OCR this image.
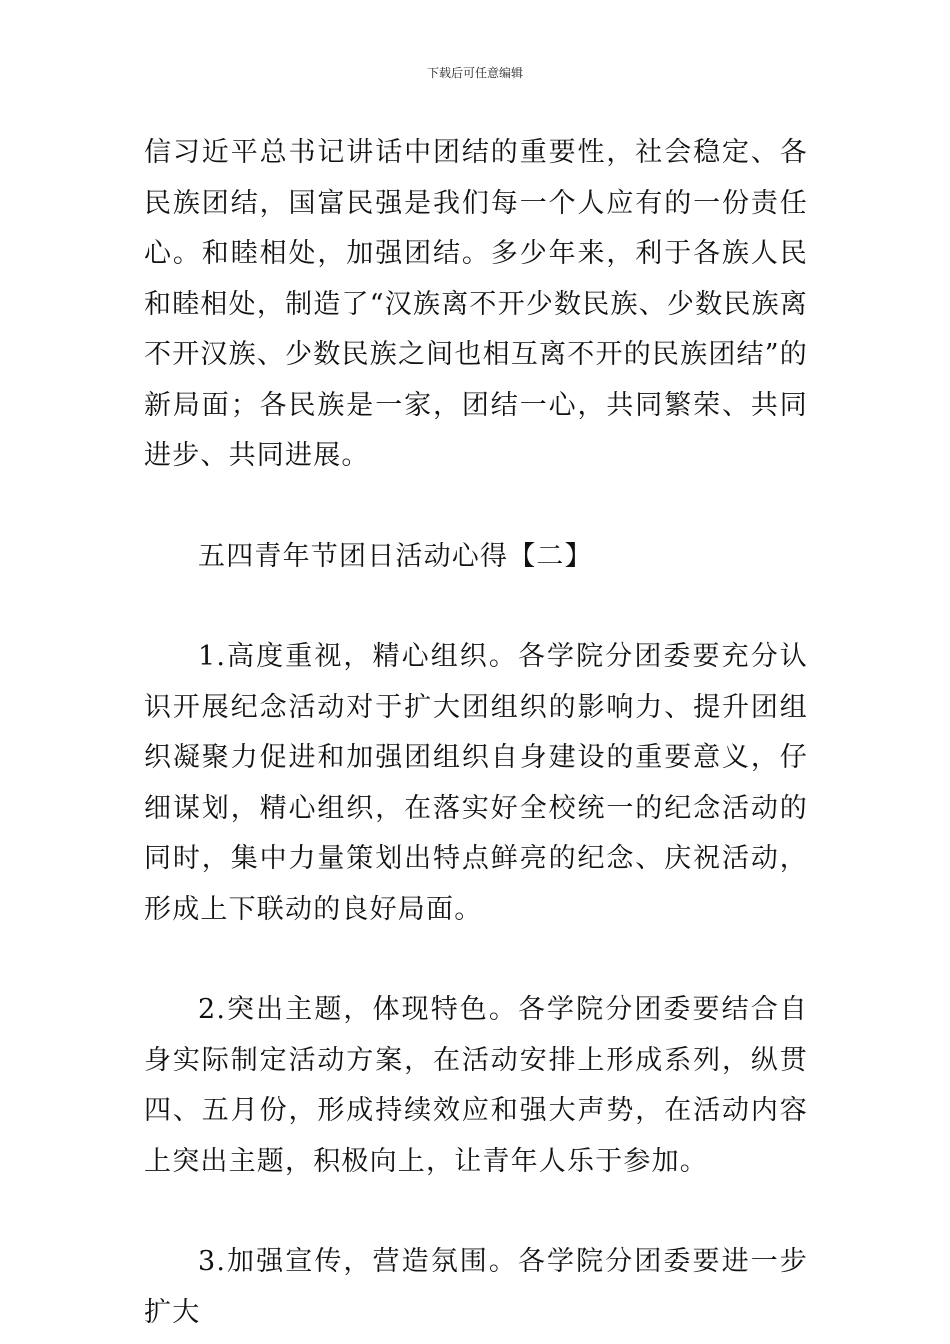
下载后可任意编辑

信习近平总书记讲话中团结的重要性，社会稳定、各民族团结，国富民强是我们每一个人应有的一份责任心。和睦相处，加强团结。多少年来，利于各族人民和睦相处，制造了“汉族离不开少数民族、少数民族离不开汉族、少数民族之间也相互离不开的民族团结”的新局面；各民族是一家，团结一心，共同繁荣、共同进步、共同进展。

五四青年节团日活动心得【二】

1.高度重视，精心组织。各学院分团委要充分认识开展纪念活动对于扩大团组织的影响力、提升团组织凝聚力促进和加强团组织自身建设的重要意义，仔细谋划，精心组织，在落实好全校统一的纪念活动的同时，集中力量策划出特点鲜亮的纪念、庆祝活动，形成上下联动的良好局面。

2.突出主题，体现特色。各学院分团委要结合自身实际制定活动方案，在活动安排上形成系列，纵贯四、五月份，形成持续效应和强大声势，在活动内容上突出主题，积极向上，让青年人乐于参加。

3.加强宣传，营造氛围。各学院分团委要进一步扩大
